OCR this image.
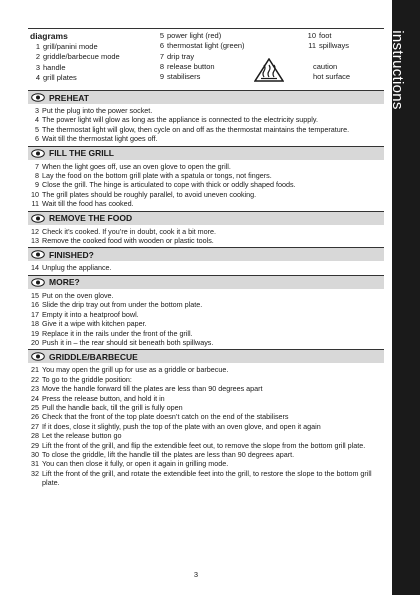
diagrams
1 grill/panini mode
2 griddle/barbecue mode
3 handle
4 grill plates
5 power light (red)
6 thermostat light (green)
7 drip tray
8 release button
9 stabilisers
10 foot
11 spillways
caution
hot surface
PREHEAT
3 Put the plug into the power socket.
4 The power light will glow as long as the appliance is connected to the electricity supply.
5 The thermostat light will glow, then cycle on and off as the thermostat maintains the temperature.
6 Wait till the thermostat light goes off.
FILL THE GRILL
7 When the light goes off, use an oven glove to open the grill.
8 Lay the food on the bottom grill plate with a spatula or tongs, not fingers.
9 Close the grill. The hinge is articulated to cope with thick or oddly shaped foods.
10 The grill plates should be roughly parallel, to avoid uneven cooking.
11 Wait till the food has cooked.
REMOVE THE FOOD
12 Check it’s cooked. If you’re in doubt, cook it a bit more.
13 Remove the cooked food with wooden or plastic tools.
FINISHED?
14 Unplug the appliance.
MORE?
15 Put on the oven glove.
16 Slide the drip tray out from under the bottom plate.
17 Empty it into a heatproof bowl.
18 Give it a wipe with kitchen paper.
19 Replace it in the rails under the front of the grill.
20 Push it in – the rear should sit beneath both spillways.
GRIDDLE/BARBECUE
21 You may open the grill up for use as a griddle or barbecue.
22 To go to the griddle position:
23 Move the handle forward till the plates are less than 90 degrees apart
24 Press the release button, and hold it in
25 Pull the handle back, till the grill is fully open
26 Check that the front of the top plate doesn’t catch on the end of the stabilisers
27 If it does, close it slightly, push the top of the plate with an oven glove, and open it again
28 Let the release button go
29 Lift the front of the grill, and flip the extendible feet out, to remove the slope from the bottom grill plate.
30 To close the griddle, lift the handle till the plates are less than 90 degrees apart.
31 You can then close it fully, or open it again in grilling mode.
32 Lift the front of the grill, and rotate the extendible feet into the grill, to restore the slope to the bottom grill plate.
instructions
3
